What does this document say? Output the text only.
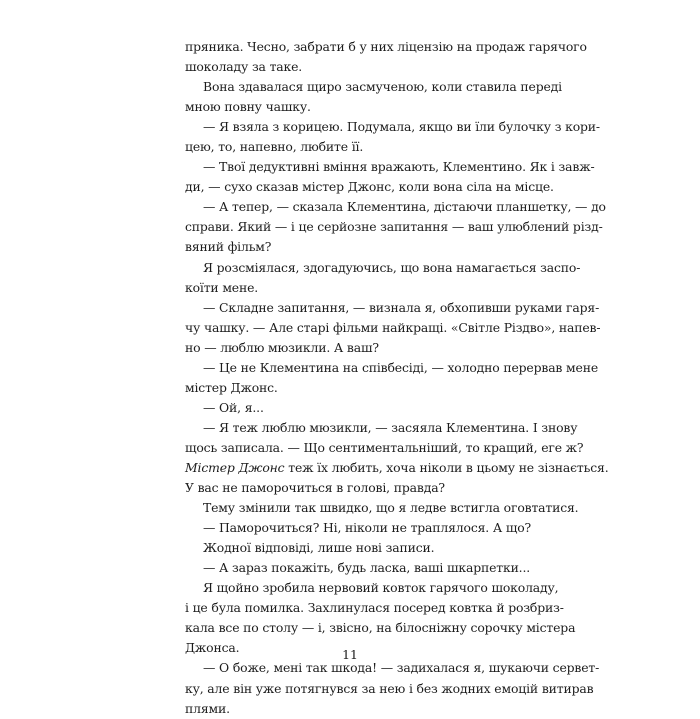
пряника. Чесно, забрати б у них ліцензію на продаж гарячого
шоколаду за таке.
Вона здавалася щиро засмученою, коли ставила переді
мною повну чашку.
— Я взяла з корицею. Подумала, якщо ви їли булочку з кори-
цею, то, напевно, любите її.
— Твої дедуктивні вміння вражають, Клементино. Як і завж-
ди, — сухо сказав містер Джонс, коли вона сіла на місце.
— А тепер, — сказала Клементина, дістаючи планшетку, — до
справи. Який — і це серйозне запитання — ваш улюблений різд-
вяний фільм?
Я розсміялася, здогадуючись, що вона намагається заспо-
коїти мене.
— Складне запитання, — визнала я, обхопивши руками гаря-
чу чашку. — Але старі фільми найкращі. «Світле Різдво», напев-
но — люблю мюзикли. А ваш?
— Це не Клементина на співбесіді, — холодно перервав мене
містер Джонс.
— Ой, я...
— Я теж люблю мюзикли, — засяяла Клементина. І знову
щось записала. — Що сентиментальніший, то кращий, еге ж?
Містер Джонс теж їх любить, хоча ніколи в цьому не зізнається.
У вас не паморочиться в голові, правда?
Тему змінили так швидко, що я ледве встигла оговтатися.
— Паморочиться? Ні, ніколи не траплялося. А що?
Жодної відповіді, лише нові записи.
— А зараз покажіть, будь ласка, ваші шкарпетки...
Я щойно зробила нервовий ковток гарячого шоколаду,
і це була помилка. Захлинулася посеред ковтка й розбриз-
кала все по столу — і, звісно, на білосніжну сорочку містера
Джонса.
— О боже, мені так шкода! — задихалася я, шукаючи сервет-
ку, але він уже потягнувся за нею і без жодних емоцій витирав
плями.
11
